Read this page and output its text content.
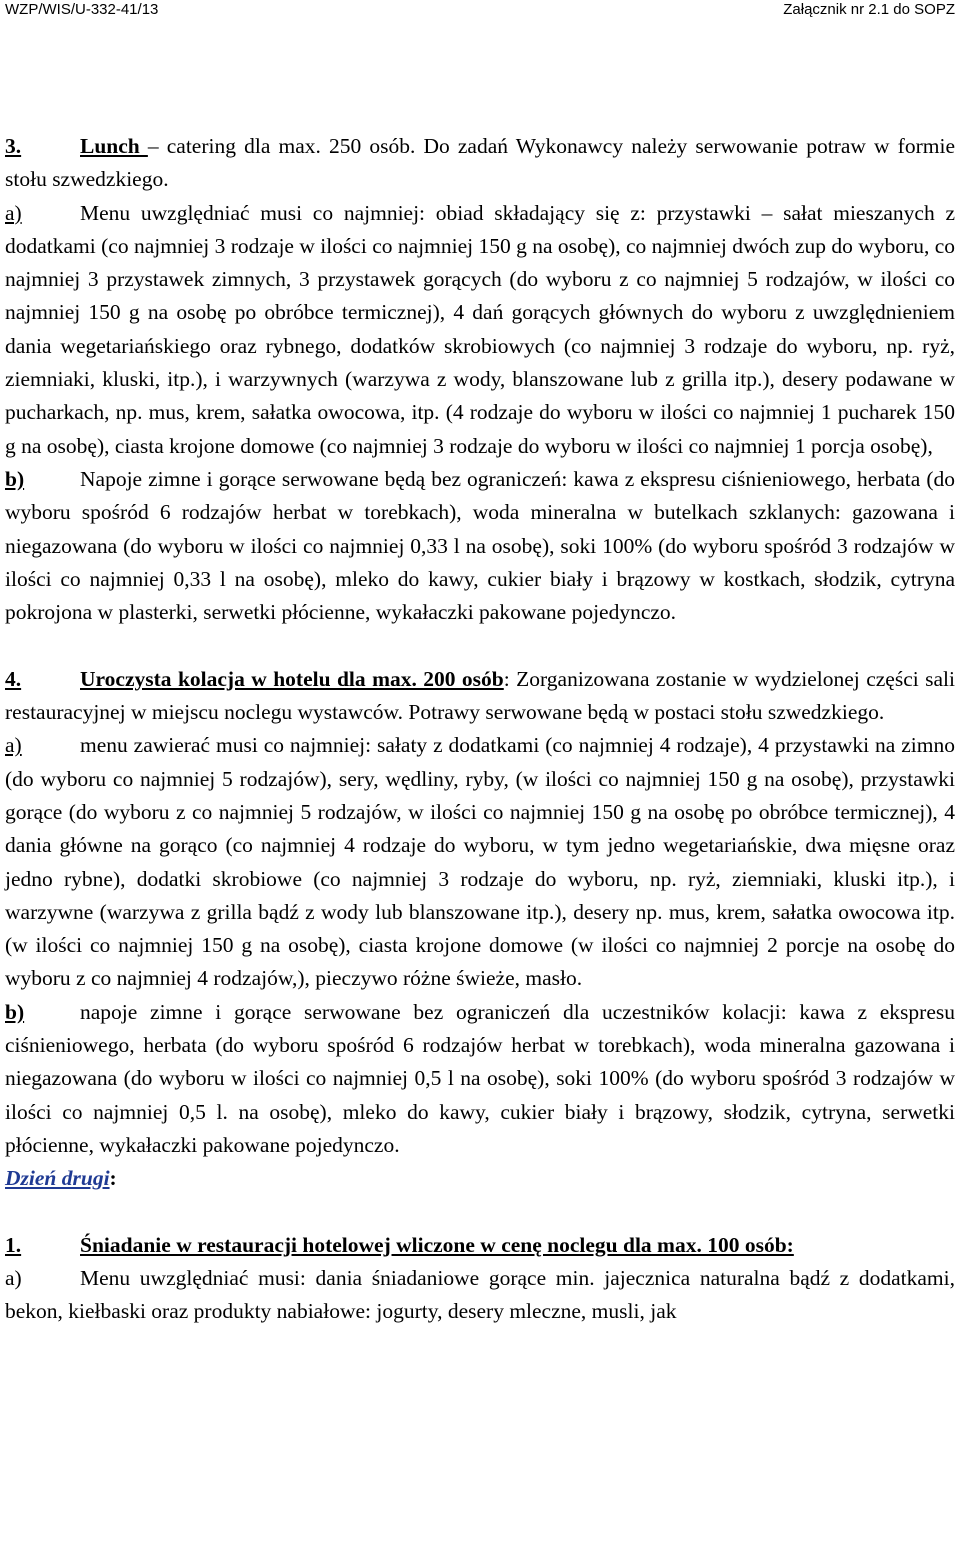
WZP/WIS/U-332-41/13	Załącznik nr 2.1 do SOPZ

3.	Lunch – catering dla max. 250 osób. Do zadań Wykonawcy należy serwowanie potraw w formie stołu szwedzkiego.

a)	Menu uwzględniać musi co najmniej: obiad składający się z: przystawki – sałat mieszanych z dodatkami (co najmniej 3 rodzaje w ilości co najmniej 150 g na osobę), co najmniej dwóch zup do wyboru, co najmniej 3 przystawek zimnych, 3 przystawek gorących (do wyboru z co najmniej 5 rodzajów, w ilości co najmniej 150 g na osobę po obróbce termicznej), 4 dań gorących głównych do wyboru z uwzględnieniem dania wegetariańskiego oraz rybnego, dodatków skrobiowych (co najmniej 3 rodzaje do wyboru, np. ryż, ziemniaki, kluski, itp.), i warzywnych (warzywa z wody, blanszowane lub z grilla itp.), desery podawane w pucharkach, np. mus, krem, sałatka owocowa, itp. (4 rodzaje do wyboru w ilości co najmniej 1 pucharek 150 g na osobę), ciasta krojone domowe (co najmniej 3 rodzaje do wyboru w ilości co najmniej 1 porcja osobę),

b)	Napoje zimne i gorące serwowane będą bez ograniczeń: kawa z ekspresu ciśnieniowego, herbata (do wyboru spośród 6 rodzajów herbat w torebkach), woda mineralna w butelkach szklanych: gazowana i niegazowana (do wyboru w ilości co najmniej 0,33 l na osobę), soki 100% (do wyboru spośród 3 rodzajów w ilości co najmniej 0,33 l na osobę), mleko do kawy, cukier biały i brązowy w kostkach, słodzik, cytryna pokrojona w plasterki, serwetki płócienne, wykałaczki pakowane pojedynczo.

4.	Uroczysta kolacja w hotelu dla max. 200 osób: Zorganizowana zostanie w wydzielonej części sali restauracyjnej w miejscu noclegu wystawców. Potrawy serwowane będą w postaci stołu szwedzkiego.

a)	menu zawierać musi co najmniej: sałaty z dodatkami (co najmniej 4 rodzaje), 4 przystawki na zimno (do wyboru co najmniej 5 rodzajów), sery, wędliny, ryby, (w ilości co najmniej 150 g na osobę), przystawki gorące (do wyboru z co najmniej 5 rodzajów, w ilości co najmniej 150 g na osobę po obróbce termicznej), 4 dania główne na gorąco (co najmniej 4 rodzaje do wyboru, w tym jedno wegetariańskie, dwa mięsne oraz jedno rybne), dodatki skrobiowe (co najmniej 3 rodzaje do wyboru, np. ryż, ziemniaki, kluski itp.), i warzywne (warzywa z grilla bądź z wody lub blanszowane itp.), desery np. mus, krem, sałatka owocowa itp. (w ilości co najmniej 150 g na osobę), ciasta krojone domowe (w ilości co najmniej 2 porcje na osobę do wyboru z co najmniej 4 rodzajów,), pieczywo różne świeże, masło.

b)	napoje zimne i gorące serwowane bez ograniczeń dla uczestników kolacji: kawa z ekspresu ciśnieniowego, herbata (do wyboru spośród 6 rodzajów herbat w torebkach), woda mineralna gazowana i niegazowana (do wyboru w ilości co najmniej 0,5 l na osobę), soki 100% (do wyboru spośród 3 rodzajów w ilości co najmniej 0,5 l. na osobę), mleko do kawy, cukier biały i brązowy, słodzik, cytryna, serwetki płócienne, wykałaczki pakowane pojedynczo.

Dzień drugi:

1.	Śniadanie w restauracji hotelowej wliczone w cenę noclegu dla max. 100 osób:

a)	Menu uwzględniać musi: dania śniadaniowe gorące min. jajecznica naturalna bądź z dodatkami, bekon, kiełbaski oraz produkty nabiałowe: jogurty, desery mleczne, musli, jak
